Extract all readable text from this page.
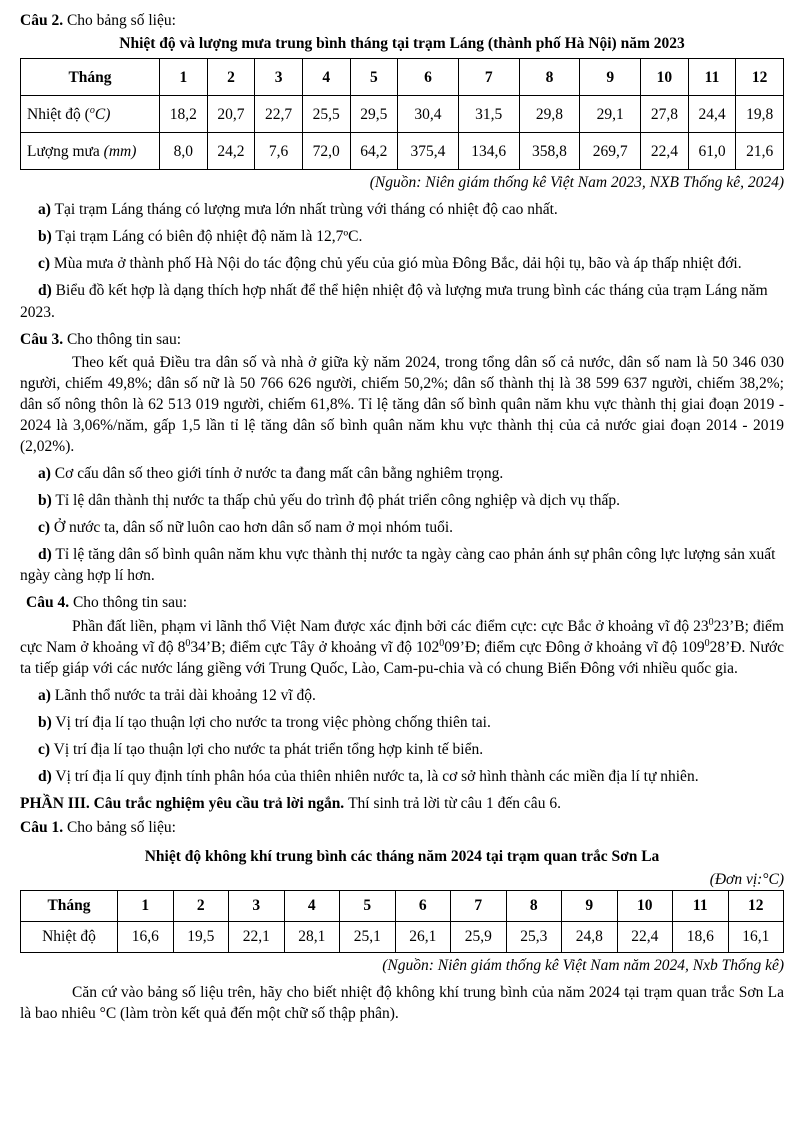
Câu 2. Cho bảng số liệu:

Nhiệt độ và lượng mưa trung bình tháng tại trạm Láng (thành phố Hà Nội) năm 2023

Tháng	1	2	3	4	5	6	7	8	9	10	11	12
Nhiệt độ ($^o$C)	18,2	20,7	22,7	25,5	29,5	30,4	31,5	29,8	29,1	27,8	24,4	19,8
Lượng mưa (mm)	8,0	24,2	7,6	72,0	64,2	375,4	134,6	358,8	269,7	22,4	61,0	21,6

(Nguồn: Niên giám thống kê Việt Nam 2023, NXB Thống kê, 2024)

a) Tại trạm Láng tháng có lượng mưa lớn nhất trùng với tháng có nhiệt độ cao nhất.

b) Tại trạm Láng có biên độ nhiệt độ năm là 12,7ºC.

c) Mùa mưa ở thành phố Hà Nội do tác động chủ yếu của gió mùa Đông Bắc, dải hội tụ, bão và áp thấp nhiệt đới.

d) Biểu đồ kết hợp là dạng thích hợp nhất để thể hiện nhiệt độ và lượng mưa trung bình các tháng của trạm Láng năm 2023.

Câu 3. Cho thông tin sau:

Theo kết quả Điều tra dân số và nhà ở giữa kỳ năm 2024, trong tổng dân số cả nước, dân số nam là 50 346 030 người, chiếm 49,8%; dân số nữ là 50 766 626 người, chiếm 50,2%; dân số thành thị là 38 599 637 người, chiếm 38,2%; dân số nông thôn là 62 513 019 người, chiếm 61,8%. Tỉ lệ tăng dân số bình quân năm khu vực thành thị giai đoạn 2019 - 2024 là 3,06%/năm, gấp 1,5 lần tỉ lệ tăng dân số bình quân năm khu vực thành thị của cả nước giai đoạn 2014 - 2019 (2,02%).

a) Cơ cấu dân số theo giới tính ở nước ta đang mất cân bằng nghiêm trọng.

b) Tỉ lệ dân thành thị nước ta thấp chủ yếu do trình độ phát triển công nghiệp và dịch vụ thấp.

c) Ở nước ta, dân số nữ luôn cao hơn dân số nam ở mọi nhóm tuổi.

d) Tỉ lệ tăng dân số bình quân năm khu vực thành thị nước ta ngày càng cao phản ánh sự phân công lực lượng sản xuất ngày càng hợp lí hơn.

Câu 4. Cho thông tin sau:

Phần đất liền, phạm vi lãnh thổ Việt Nam được xác định bởi các điểm cực: cực Bắc ở khoảng vĩ độ $23^023’B$; điểm cực Nam ở khoảng vĩ độ $8^034’B$; điểm cực Tây ở khoảng vĩ độ $102^009’Đ$; điểm cực Đông ở khoảng vĩ độ $109^028’Đ$. Nước ta tiếp giáp với các nước láng giềng với Trung Quốc, Lào, Cam-pu-chia và có chung Biển Đông với nhiều quốc gia.

a) Lãnh thổ nước ta trải dài khoảng 12 vĩ độ.

b) Vị trí địa lí tạo thuận lợi cho nước ta trong việc phòng chống thiên tai.

c) Vị trí địa lí tạo thuận lợi cho nước ta phát triển tổng hợp kinh tế biển.

d) Vị trí địa lí quy định tính phân hóa của thiên nhiên nước ta, là cơ sở hình thành các miền địa lí tự nhiên.

PHẦN III. Câu trắc nghiệm yêu cầu trả lời ngắn. Thí sinh trả lời từ câu 1 đến câu 6.

Câu 1. Cho bảng số liệu:

Nhiệt độ không khí trung bình các tháng năm 2024 tại trạm quan trắc Sơn La

(Đơn vị:°C)

Tháng	1	2	3	4	5	6	7	8	9	10	11	12
Nhiệt độ	16,6	19,5	22,1	28,1	25,1	26,1	25,9	25,3	24,8	22,4	18,6	16,1

(Nguồn: Niên giám thống kê Việt Nam năm 2024, Nxb Thống kê)

Căn cứ vào bảng số liệu trên, hãy cho biết nhiệt độ không khí trung bình của năm 2024 tại trạm quan trắc Sơn La là bao nhiêu °C (làm tròn kết quả đến một chữ số thập phân).
